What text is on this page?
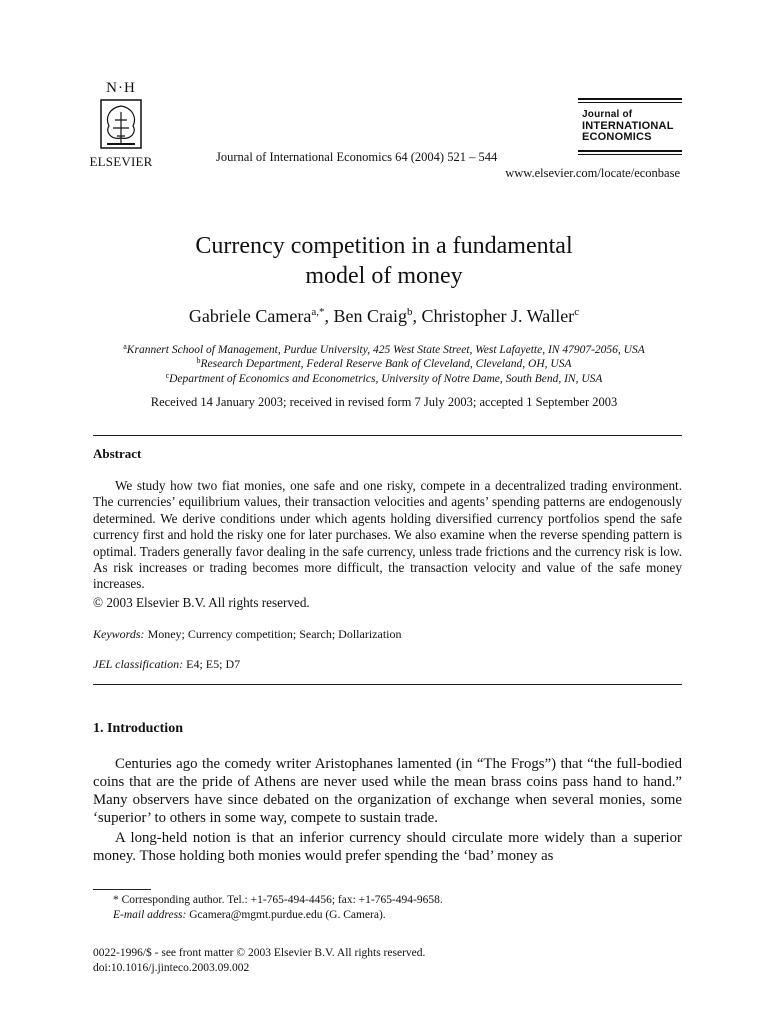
N·H
ELSEVIER	Journal of International Economics 64 (2004) 521 – 544
www.elsevier.com/locate/econbase
Journal of
INTERNATIONAL
ECONOMICS
Currency competition in a fundamental
model of money
Gabriele Camera$^{a,*}$, Ben Craig$^b$, Christopher J. Waller$^c$
$^a$Krannert School of Management, Purdue University, 425 West State Street, West Lafayette, IN 47907-2056, USA
$^b$Research Department, Federal Reserve Bank of Cleveland, Cleveland, OH, USA
$^c$Department of Economics and Econometrics, University of Notre Dame, South Bend, IN, USA
Received 14 January 2003; received in revised form 7 July 2003; accepted 1 September 2003
Abstract
We study how two fiat monies, one safe and one risky, compete in a decentralized trading environment. The currencies’ equilibrium values, their transaction velocities and agents’ spending patterns are endogenously determined. We derive conditions under which agents holding diversified currency portfolios spend the safe currency first and hold the risky one for later purchases. We also examine when the reverse spending pattern is optimal. Traders generally favor dealing in the safe currency, unless trade frictions and the currency risk is low. As risk increases or trading becomes more difficult, the transaction velocity and value of the safe money increases.
© 2003 Elsevier B.V. All rights reserved.
Keywords: Money; Currency competition; Search; Dollarization
JEL classification: E4; E5; D7
1. Introduction
Centuries ago the comedy writer Aristophanes lamented (in “The Frogs”) that “the full-bodied coins that are the pride of Athens are never used while the mean brass coins pass hand to hand.” Many observers have since debated on the organization of exchange when several monies, some ‘superior’ to others in some way, compete to sustain trade.
A long-held notion is that an inferior currency should circulate more widely than a superior money. Those holding both monies would prefer spending the ‘bad’ money as
* Corresponding author. Tel.: +1-765-494-4456; fax: +1-765-494-9658.
E-mail address: Gcamera@mgmt.purdue.edu (G. Camera).
0022-1996/$ - see front matter © 2003 Elsevier B.V. All rights reserved.
doi:10.1016/j.jinteco.2003.09.002
